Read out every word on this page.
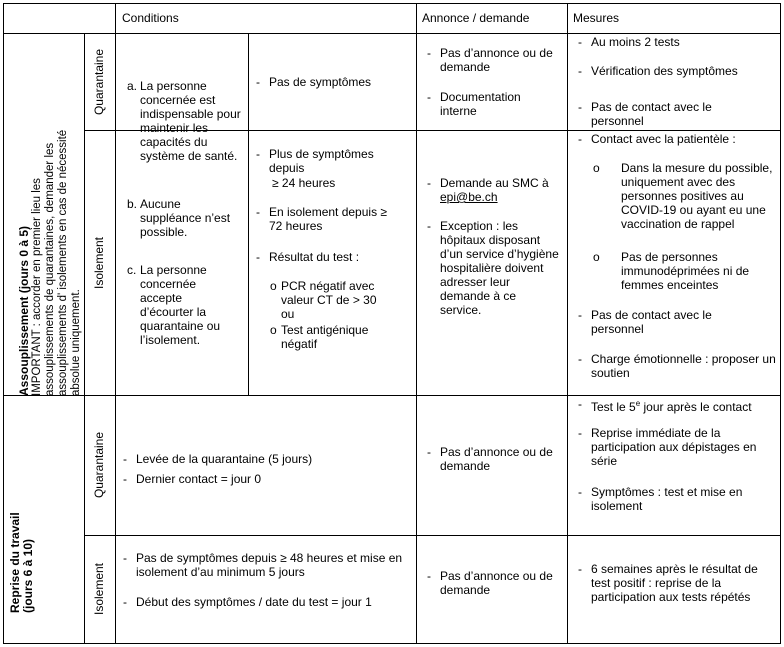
Conditions	Annonce / demande	Mesures
Assouplissement (jours 0 à 5) IMPORTANT : accorder en premier lieu les assouplissements de quarantaines, demander les assouplissements d' isolements en cas de nécessité absolue uniquement.
Quarantaine
Isolement
a. La personne concernée est indispensable pour maintenir les capacités du système de santé.
b. Aucune suppléance n’est possible.
c. La personne concernée accepte d’écourter la quarantaine ou l’isolement.
- Pas de symptômes
- Pas d’annonce ou de demande
- Documentation interne
- Au moins 2 tests
- Vérification des symptômes
- Pas de contact avec le personnel
- Plus de symptômes depuis
≥ 24 heures
- En isolement depuis ≥ 72 heures
- Résultat du test :
o PCR négatif avec valeur CT de > 30 ou
o Test antigénique négatif
- Demande au SMC à
epi@be.ch
- Exception : les hôpitaux disposant d’un service d’hygiène hospitalière doivent adresser leur demande à ce service.
- Contact avec la patientèle :
o Dans la mesure du possible, uniquement avec des personnes positives au COVID-19 ou ayant eu une vaccination de rappel
o Pas de personnes immunodéprimées ni de femmes enceintes
- Pas de contact avec le personnel
- Charge émotionnelle : proposer un soutien
Reprise du travail (jours 6 à 10)
Quarantaine
Isolement
- Levée de la quarantaine (5 jours)
- Dernier contact = jour 0
- Pas d’annonce ou de demande
- Test le 5e jour après le contact
- Reprise immédiate de la participation aux dépistages en série
- Symptômes : test et mise en isolement
- Pas de symptômes depuis ≥ 48 heures et mise en isolement d’au minimum 5 jours
- Début des symptômes / date du test = jour 1
- Pas d’annonce ou de demande
- 6 semaines après le résultat de test positif : reprise de la participation aux tests répétés
